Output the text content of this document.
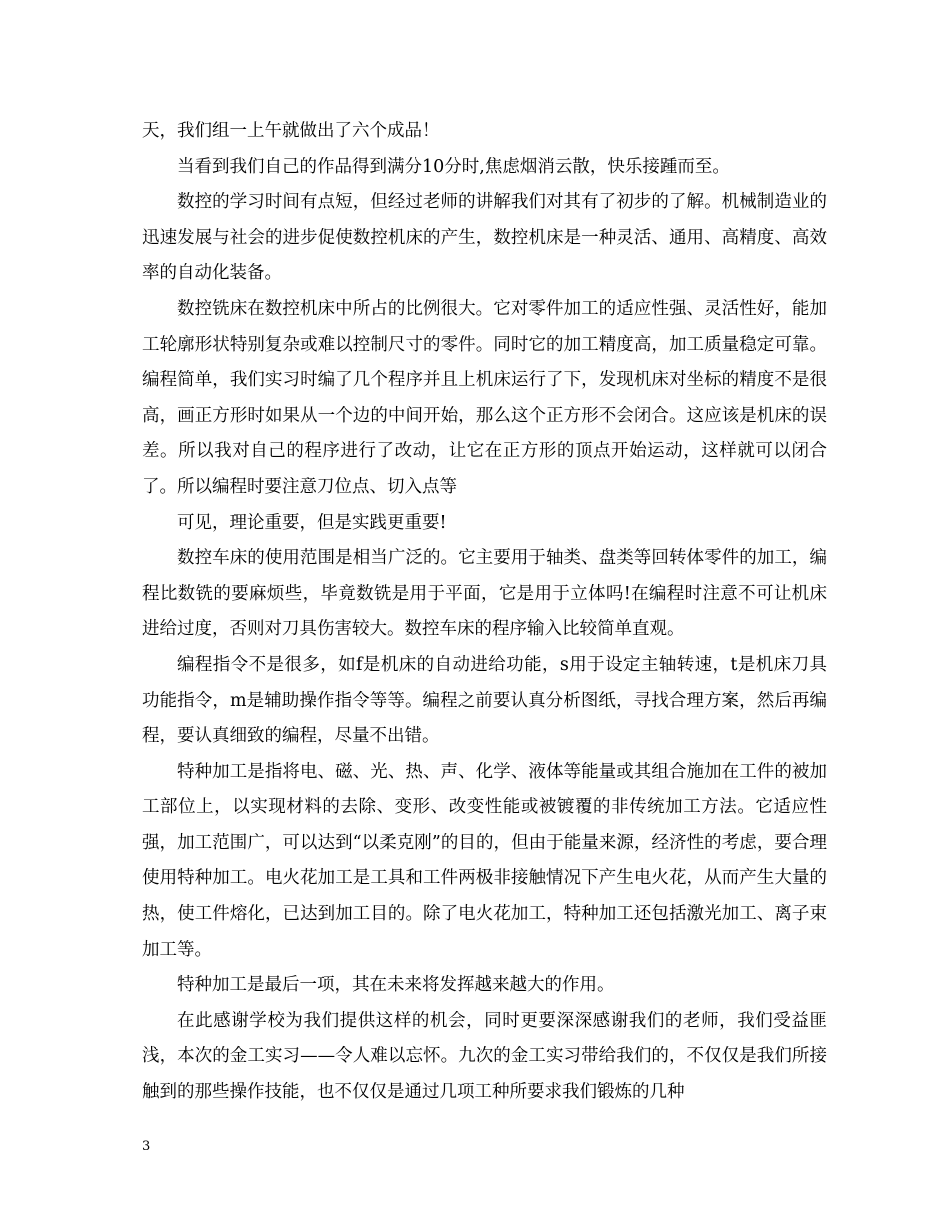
天，我们组一上午就做出了六个成品！

当看到我们自己的作品得到满分10分时,焦虑烟消云散，快乐接踵而至。

数控的学习时间有点短，但经过老师的讲解我们对其有了初步的了解。机械制造业的迅速发展与社会的进步促使数控机床的产生，数控机床是一种灵活、通用、高精度、高效率的自动化装备。

数控铣床在数控机床中所占的比例很大。它对零件加工的适应性强、灵活性好，能加工轮廓形状特别复杂或难以控制尺寸的零件。同时它的加工精度高，加工质量稳定可靠。编程简单，我们实习时编了几个程序并且上机床运行了下，发现机床对坐标的精度不是很高，画正方形时如果从一个边的中间开始，那么这个正方形不会闭合。这应该是机床的误差。所以我对自己的程序进行了改动，让它在正方形的顶点开始运动，这样就可以闭合了。所以编程时要注意刀位点、切入点等

可见，理论重要，但是实践更重要!

数控车床的使用范围是相当广泛的。它主要用于轴类、盘类等回转体零件的加工，编程比数铣的要麻烦些，毕竟数铣是用于平面，它是用于立体吗!在编程时注意不可让机床进给过度，否则对刀具伤害较大。数控车床的程序输入比较简单直观。

编程指令不是很多，如f是机床的自动进给功能，s用于设定主轴转速，t是机床刀具功能指令，m是辅助操作指令等等。编程之前要认真分析图纸，寻找合理方案，然后再编程，要认真细致的编程，尽量不出错。

特种加工是指将电、磁、光、热、声、化学、液体等能量或其组合施加在工件的被加工部位上，以实现材料的去除、变形、改变性能或被镀覆的非传统加工方法。它适应性强，加工范围广，可以达到“以柔克刚”的目的，但由于能量来源，经济性的考虑，要合理使用特种加工。电火花加工是工具和工件两极非接触情况下产生电火花，从而产生大量的热，使工件熔化，已达到加工目的。除了电火花加工，特种加工还包括激光加工、离子束加工等。

特种加工是最后一项，其在未来将发挥越来越大的作用。

在此感谢学校为我们提供这样的机会，同时更要深深感谢我们的老师，我们受益匪浅，本次的金工实习——令人难以忘怀。九次的金工实习带给我们的，不仅仅是我们所接触到的那些操作技能，也不仅仅是通过几项工种所要求我们锻炼的几种

3
